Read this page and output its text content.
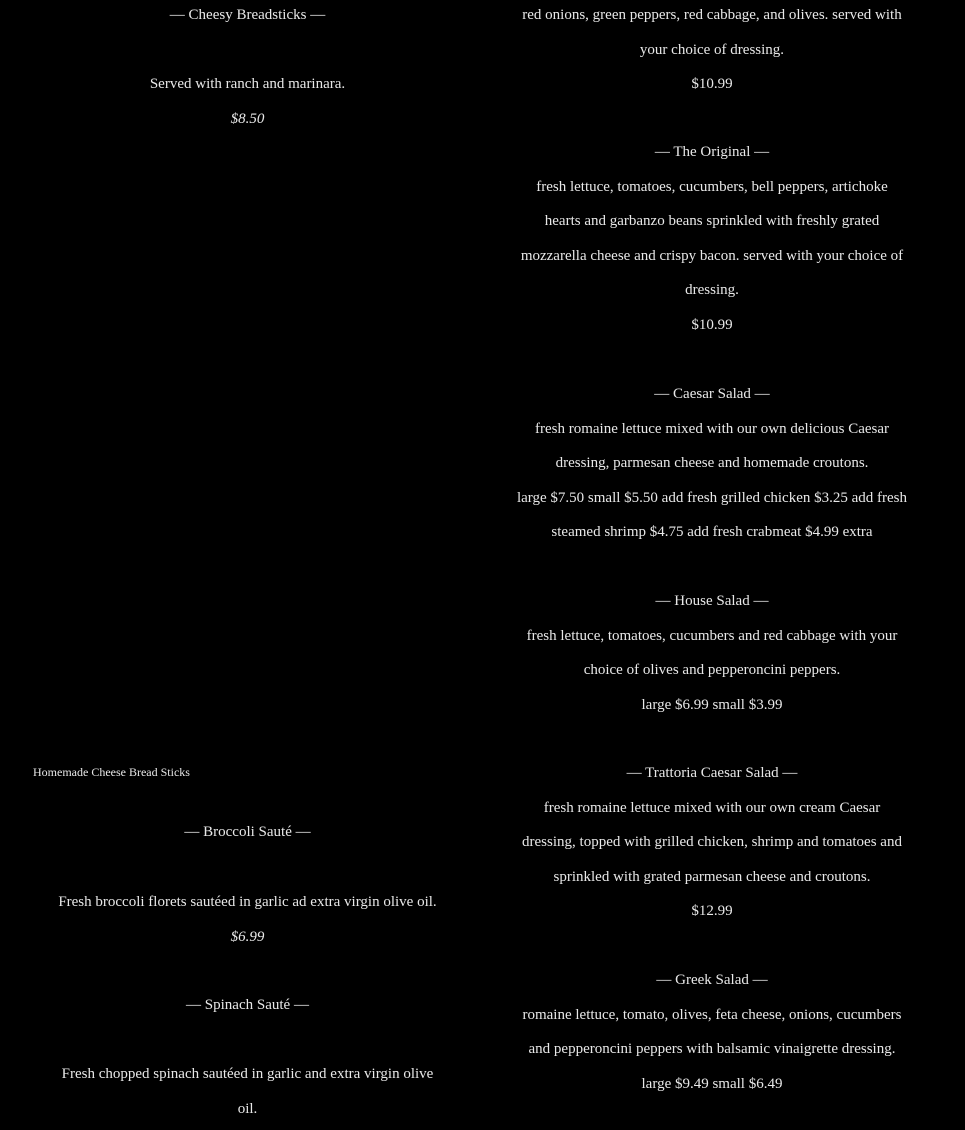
— Cheesy Breadsticks —

Served with ranch and marinara.

$8.50

— Broccoli Sauté —

Fresh broccoli florets sautéed in garlic ad extra virgin olive oil.

$6.99

— Spinach Sauté —

Fresh chopped spinach sautéed in garlic and extra virgin olive

oil.

Homemade Cheese Bread Sticks

red onions, green peppers, red cabbage, and olives. served with

your choice of dressing.

$10.99

— The Original —

fresh lettuce, tomatoes, cucumbers, bell peppers, artichoke

hearts and garbanzo beans sprinkled with freshly grated

mozzarella cheese and crispy bacon. served with your choice of

dressing.

$10.99

— Caesar Salad —

fresh romaine lettuce mixed with our own delicious Caesar

dressing, parmesan cheese and homemade croutons.

large $7.50 small $5.50 add fresh grilled chicken $3.25 add fresh

steamed shrimp $4.75 add fresh crabmeat $4.99 extra

— House Salad —

fresh lettuce, tomatoes, cucumbers and red cabbage with your

choice of olives and pepperoncini peppers.

large $6.99 small $3.99

— Trattoria Caesar Salad —

fresh romaine lettuce mixed with our own cream Caesar

dressing, topped with grilled chicken, shrimp and tomatoes and

sprinkled with grated parmesan cheese and croutons.

$12.99

— Greek Salad —

romaine lettuce, tomato, olives, feta cheese, onions, cucumbers

and pepperoncini peppers with balsamic vinaigrette dressing.

large $9.49 small $6.49
